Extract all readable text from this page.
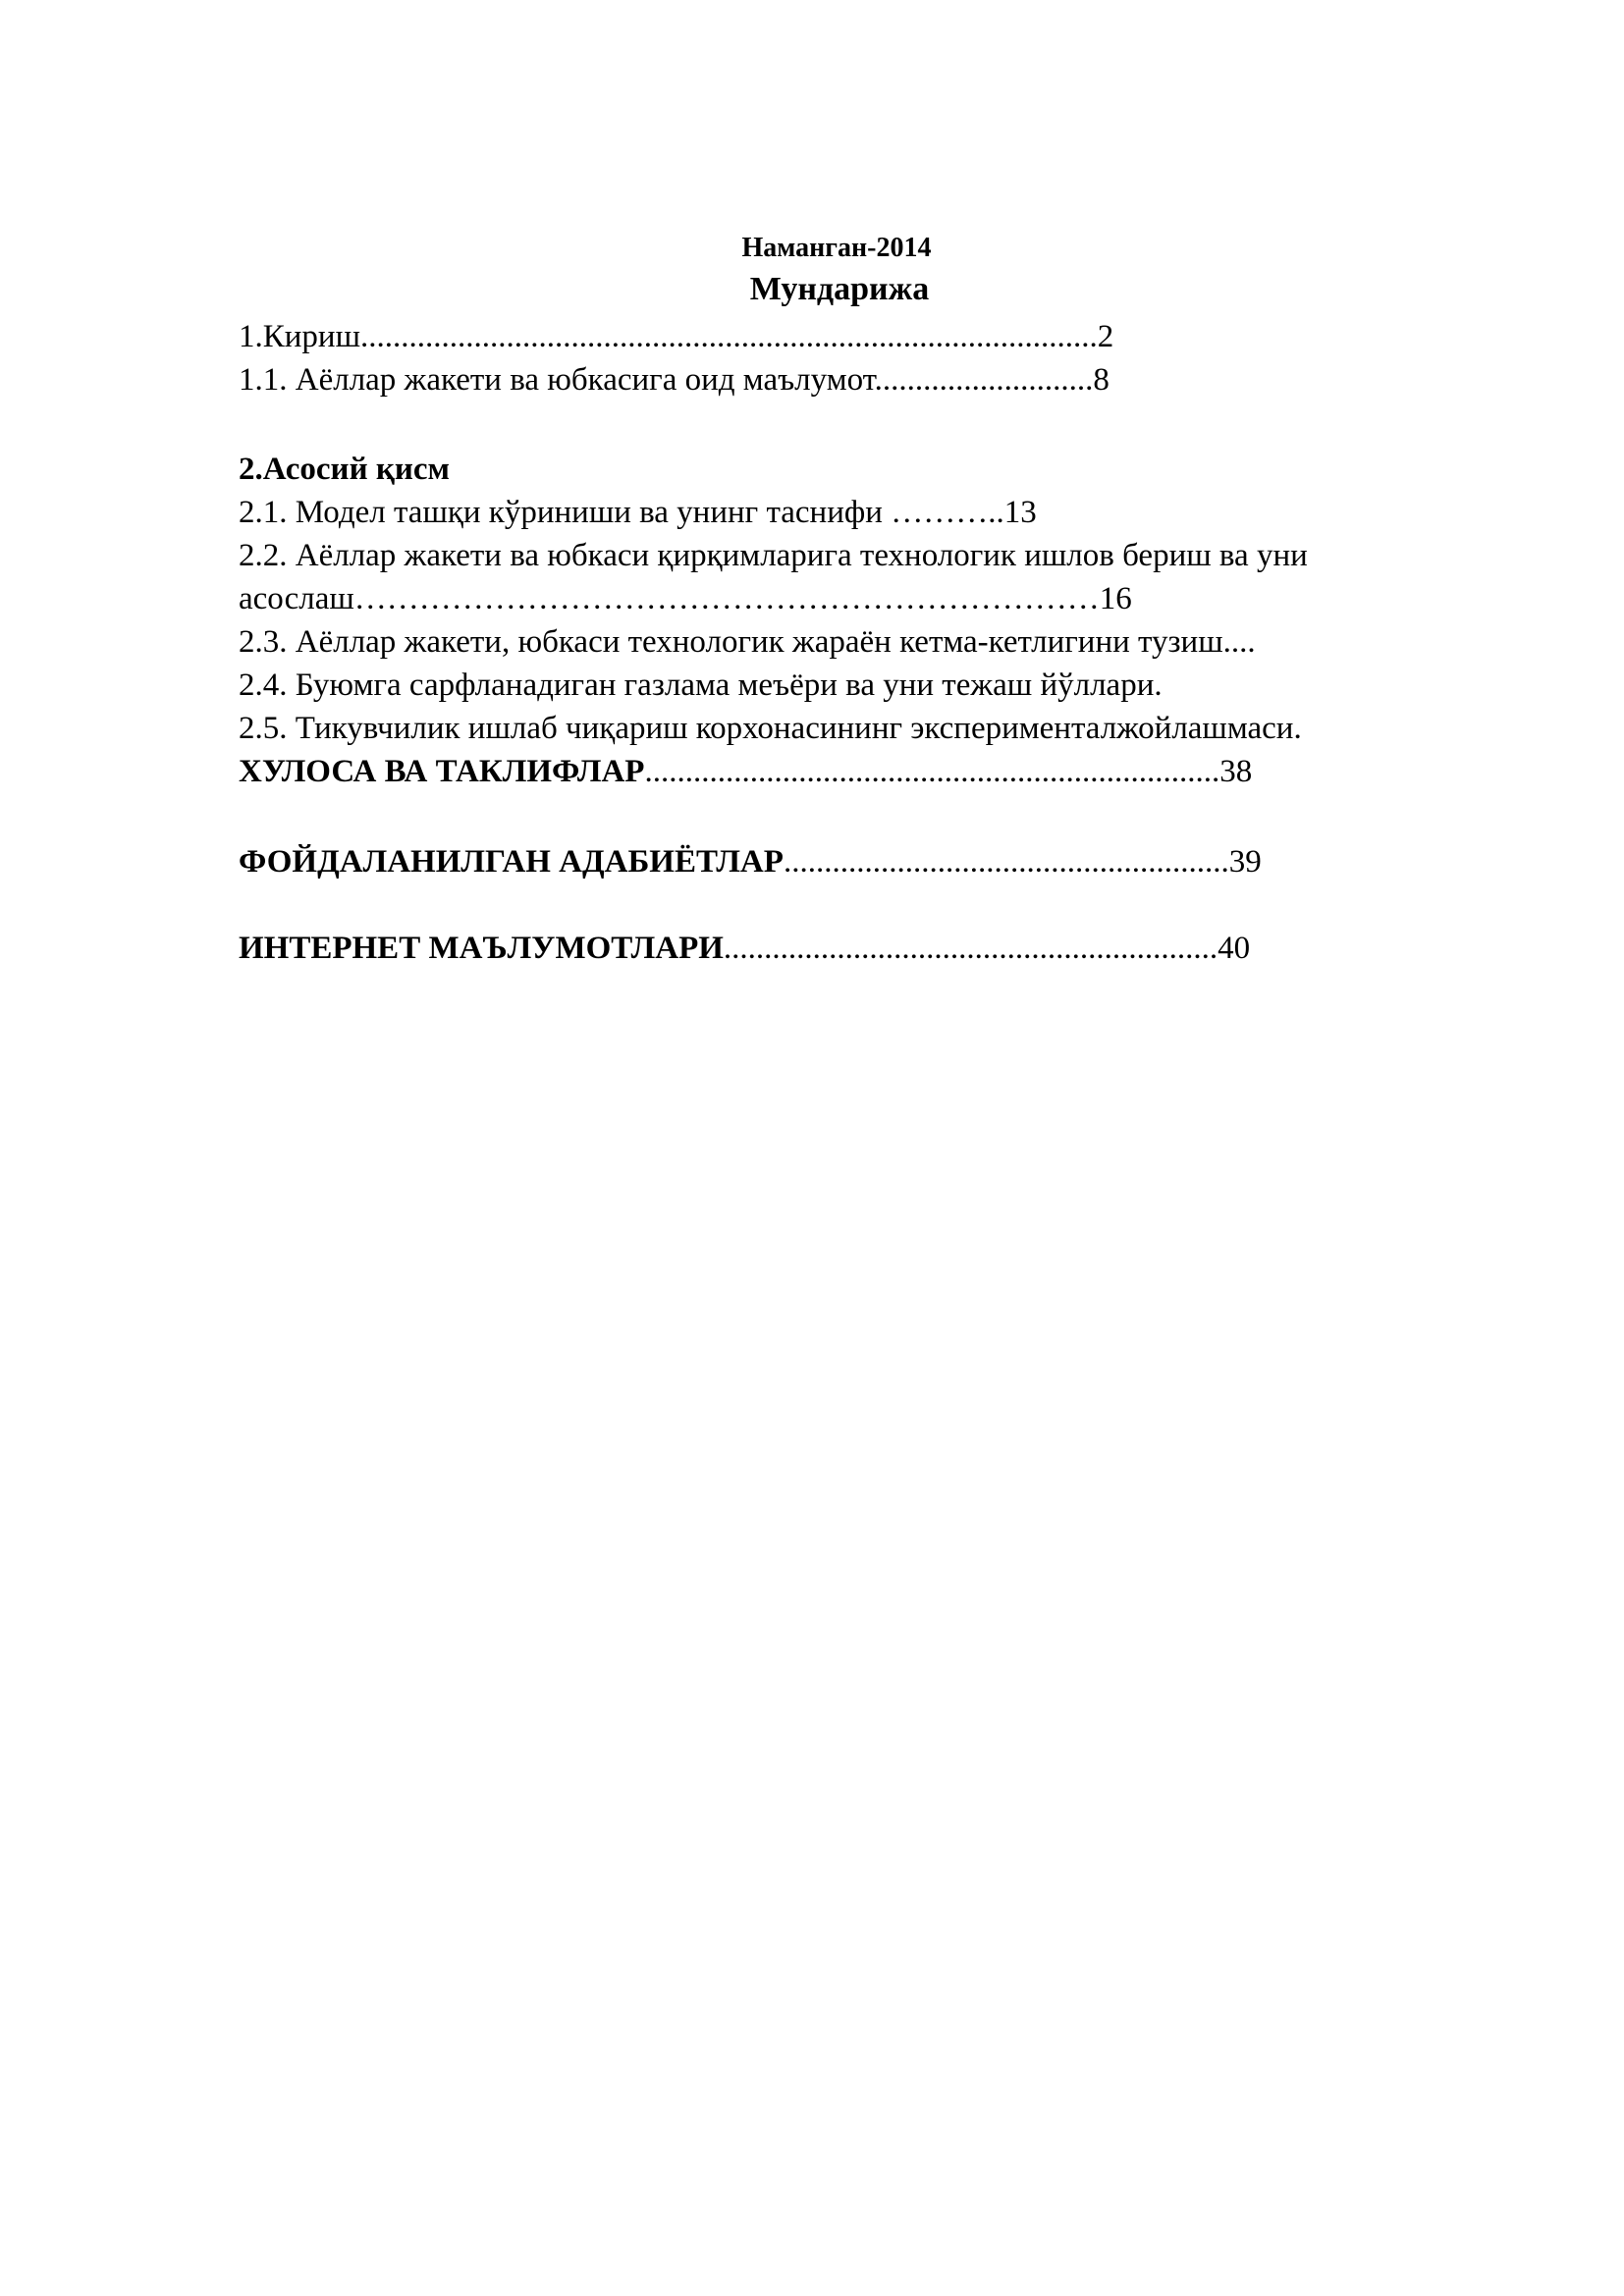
Наманган-2014
Мундарижа
1.Кириш...........................................................................................2
1.1. Аёллар жакети ва юбкасига оид маълумот...........................8
2.Асосий қисм
2.1. Модел ташқи кўриниши ва унинг таснифи ………..13
2.2. Аёллар жакети ва юбкаси қирқимларига технологик ишлов бериш ва уни
асослаш……………………………………………………………16
2.3. Аёллар жакети, юбкаси технологик жараён кетма-кетлигини тузиш....
2.4. Буюмга сарфланадиган газлама меъёри ва уни тежаш йўллари.
2.5. Тикувчилик ишлаб чиқариш корхонасининг эксперименталжойлашмаси.
ХУЛОСА ВА ТАКЛИФЛАР.......................................................................38
ФОЙДАЛАНИЛГАН АДАБИЁТЛАР.......................................................39
ИНТЕРНЕТ МАЪЛУМОТЛАРИ.............................................................40
